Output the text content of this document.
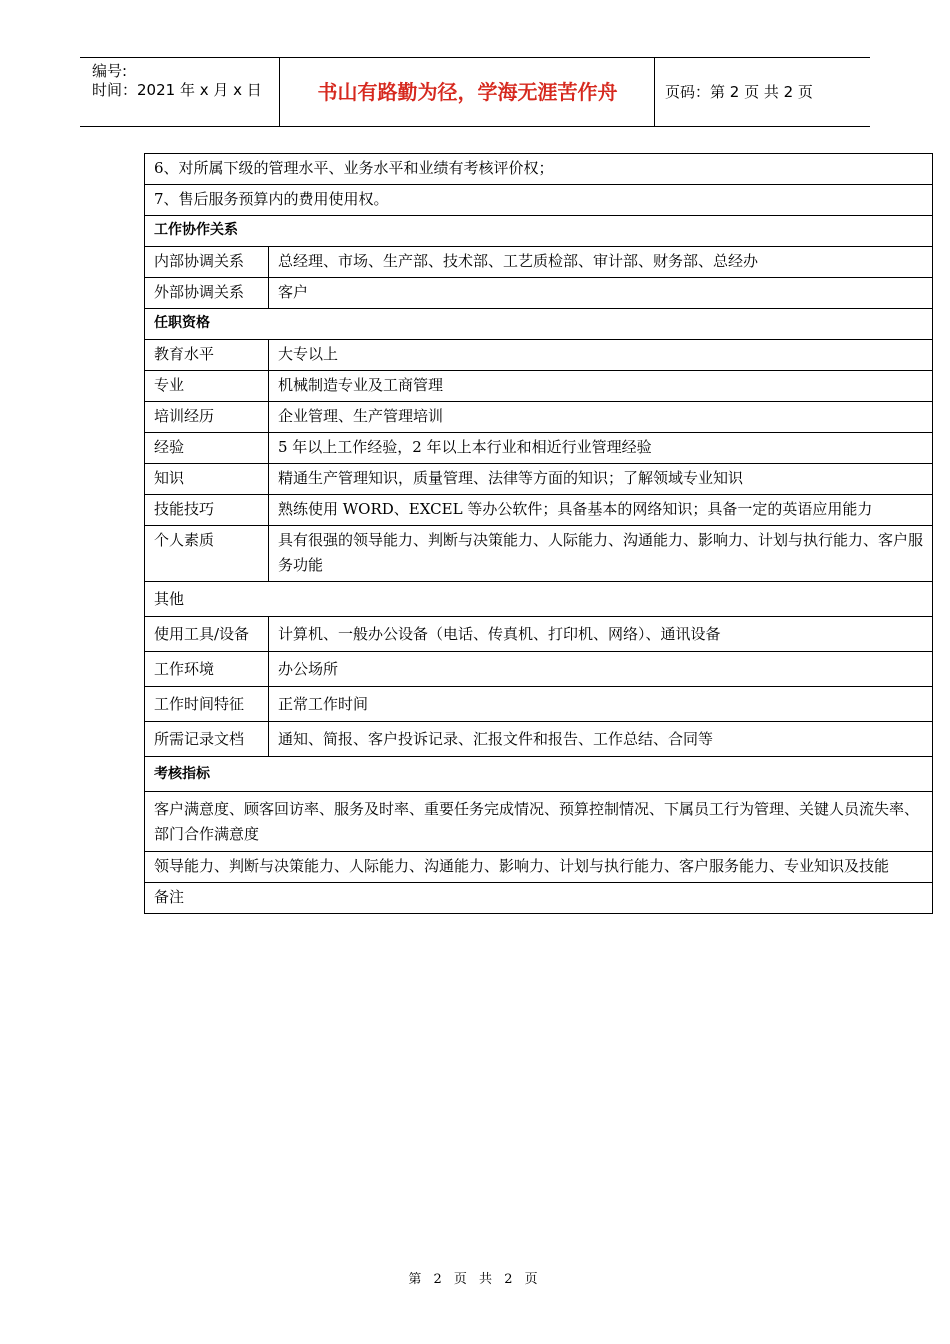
编号:
时间：2021 年 x 月 x 日	书山有路勤为径，学海无涯苦作舟	页码：第 2 页 共 2 页
6、对所属下级的管理水平、业务水平和业绩有考核评价权；	
7、售后服务预算内的费用使用权。	
工作协作关系	
内部协调关系	总经理、市场、生产部、技术部、工艺质检部、审计部、财务部、总经办
外部协调关系	客户
任职资格	
教育水平	大专以上
专业	机械制造专业及工商管理
培训经历	企业管理、生产管理培训
经验	5 年以上工作经验，2 年以上本行业和相近行业管理经验
知识	精通生产管理知识，质量管理、法律等方面的知识；了解领域专业知识
技能技巧	熟练使用 WORD、EXCEL 等办公软件；具备基本的网络知识；具备一定的英语应用能力
个人素质	具有很强的领导能力、判断与决策能力、人际能力、沟通能力、影响力、计划与执行能力、客户服务功能
其他	
使用工具/设备	计算机、一般办公设备（电话、传真机、打印机、网络）、通讯设备
工作环境	办公场所
工作时间特征	正常工作时间
所需记录文档	通知、简报、客户投诉记录、汇报文件和报告、工作总结、合同等
考核指标	
客户满意度、顾客回访率、服务及时率、重要任务完成情况、预算控制情况、下属员工行为管理、关键人员流失率、部门合作满意度	
领导能力、判断与决策能力、人际能力、沟通能力、影响力、计划与执行能力、客户服务能力、专业知识及技能	
备注	
第 2 页 共 2 页
